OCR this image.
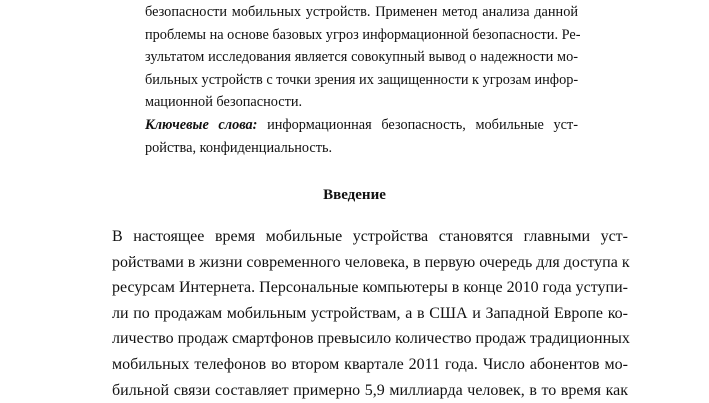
безопасности мобильных устройств. Применен метод анализа данной
проблемы на основе базовых угроз информационной безопасности. Ре-
зультатом исследования является совокупный вывод о надежности мо-
бильных устройств с точки зрения их защищенности к угрозам инфор-
мационной безопасности.
Ключевые слова: информационная безопасность, мобильные уст-
ройства, конфиденциальность.
Введение
В настоящее время мобильные устройства становятся главными уст-
ройствами в жизни современного человека, в первую очередь для доступа к
ресурсам Интернета. Персональные компьютеры в конце 2010 года уступи-
ли по продажам мобильным устройствам, а в США и Западной Европе ко-
личество продаж смартфонов превысило количество продаж традиционных
мобильных телефонов во втором квартале 2011 года. Число абонентов мо-
бильной связи составляет примерно 5,9 миллиарда человек, в то время как
